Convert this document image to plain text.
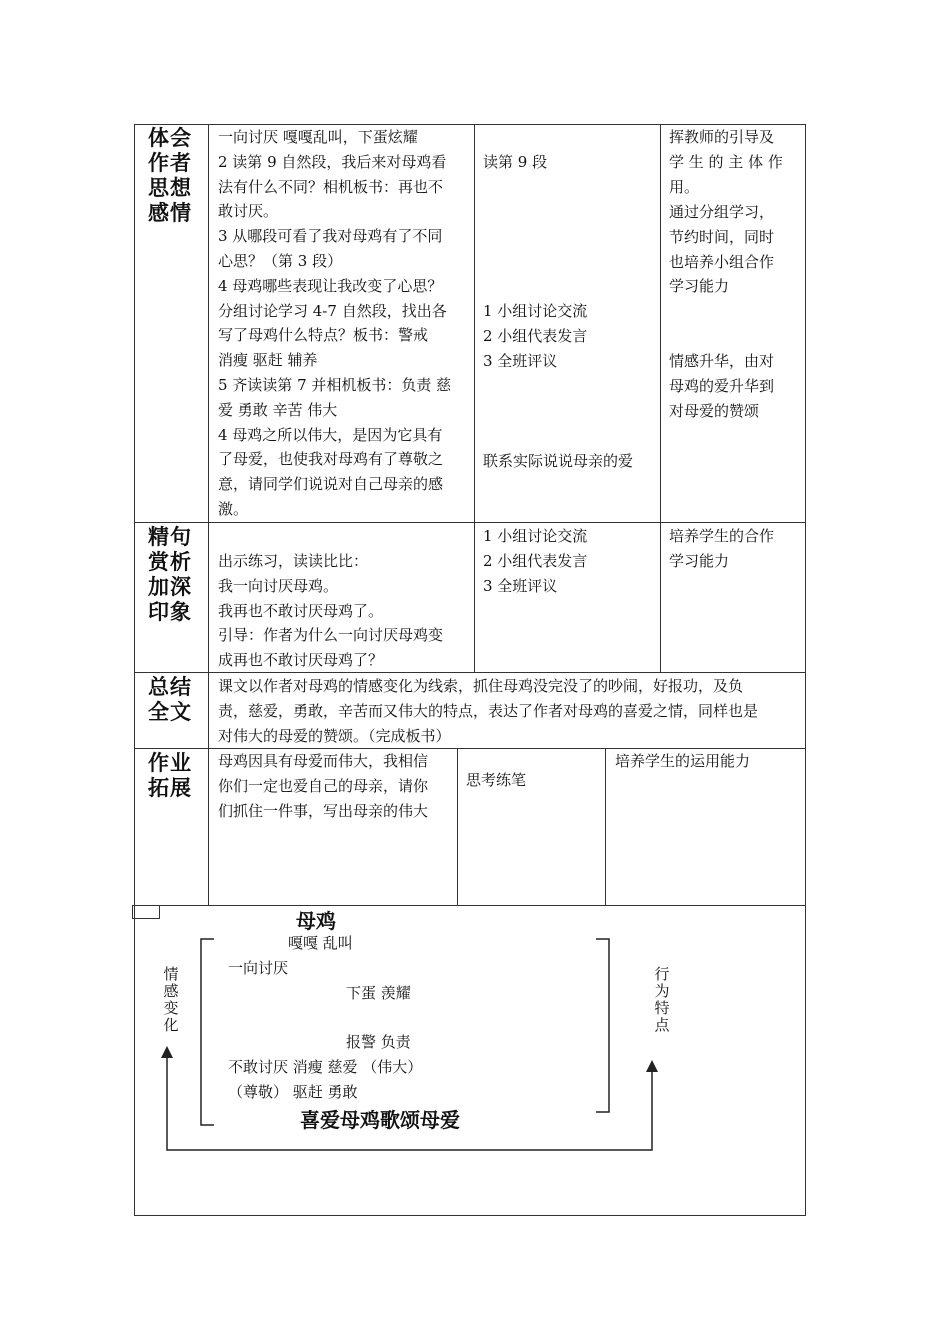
体会
作者
思想
感情
一向讨厌 嘎嘎乱叫，下蛋炫耀
2 读第 9 自然段，我后来对母鸡看
法有什么不同？相机板书：再也不
敢讨厌。
3 从哪段可看了我对母鸡有了不同
心思？（第 3 段）
4 母鸡哪些表现让我改变了心思？
分组讨论学习 4-7 自然段，找出各
写了母鸡什么特点？板书：警戒
消瘦 驱赶 辅养
5 齐读读第 7 并相机板书：负责 慈
爱 勇敢 辛苦 伟大
4 母鸡之所以伟大，是因为它具有
了母爱，也使我对母鸡有了尊敬之
意，请同学们说说对自己母亲的感
激。
读第 9 段
1 小组讨论交流
2 小组代表发言
3 全班评议
联系实际说说母亲的爱
挥教师的引导及
学 生 的 主 体 作
用。
通过分组学习，
节约时间，同时
也培养小组合作
学习能力
情感升华，由对
母鸡的爱升华到
对母爱的赞颂
精句
赏析
加深
印象
出示练习，读读比比：
我一向讨厌母鸡。
我再也不敢讨厌母鸡了。
引导：作者为什么一向讨厌母鸡变
成再也不敢讨厌母鸡了？
1 小组讨论交流
2 小组代表发言
3 全班评议
培养学生的合作
学习能力
总结
全文
课文以作者对母鸡的情感变化为线索，抓住母鸡没完没了的吵闹，好报功，及负
责，慈爱，勇敢，辛苦而又伟大的特点，表达了作者对母鸡的喜爱之情，同样也是
对伟大的母爱的赞颂。（完成板书）
作业
拓展
母鸡因具有母爱而伟大，我相信
你们一定也爱自己的母亲，请你
们抓住一件事，写出母亲的伟大
思考练笔
培养学生的运用能力
母鸡
情
感
变
化
行
为
特
点
嘎嘎 乱叫
一向讨厌
下蛋 羡耀
报警 负责
不敢讨厌 消瘦 慈爱 （伟大）
（尊敬） 驱赶 勇敢
喜爱母鸡歌颂母爱
